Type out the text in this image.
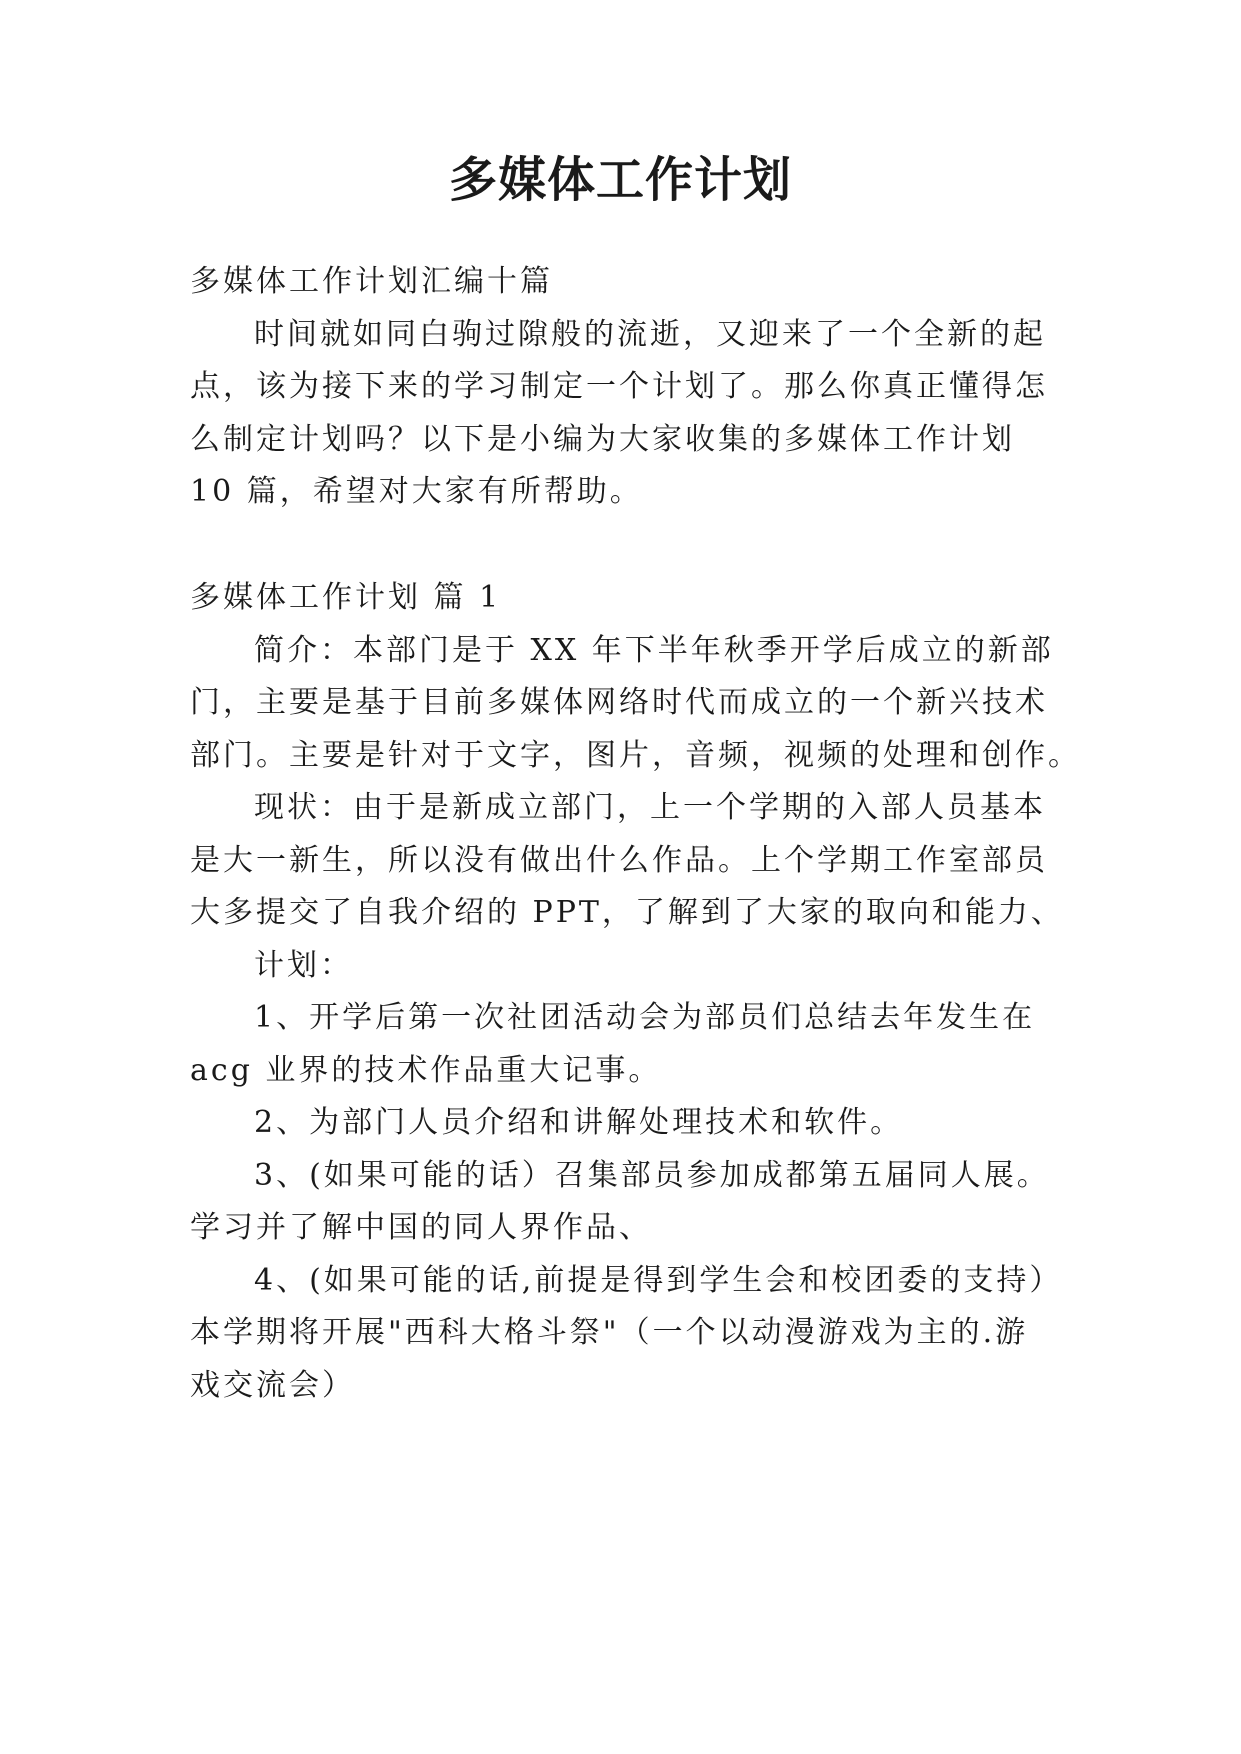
多媒体工作计划

多媒体工作计划汇编十篇

时间就如同白驹过隙般的流逝，又迎来了一个全新的起

点，该为接下来的学习制定一个计划了。那么你真正懂得怎

么制定计划吗？以下是小编为大家收集的多媒体工作计划

10 篇，希望对大家有所帮助。

多媒体工作计划 篇 1

简介：本部门是于 XX 年下半年秋季开学后成立的新部

门，主要是基于目前多媒体网络时代而成立的一个新兴技术

部门。主要是针对于文字，图片，音频，视频的处理和创作。

现状：由于是新成立部门，上一个学期的入部人员基本

是大一新生，所以没有做出什么作品。上个学期工作室部员

大多提交了自我介绍的 PPT，了解到了大家的取向和能力、

计划：

1、开学后第一次社团活动会为部员们总结去年发生在

acg 业界的技术作品重大记事。

2、为部门人员介绍和讲解处理技术和软件。

3、(如果可能的话）召集部员参加成都第五届同人展。

学习并了解中国的同人界作品、

4、(如果可能的话,前提是得到学生会和校团委的支持）

本学期将开展"西科大格斗祭"（一个以动漫游戏为主的.游

戏交流会）
